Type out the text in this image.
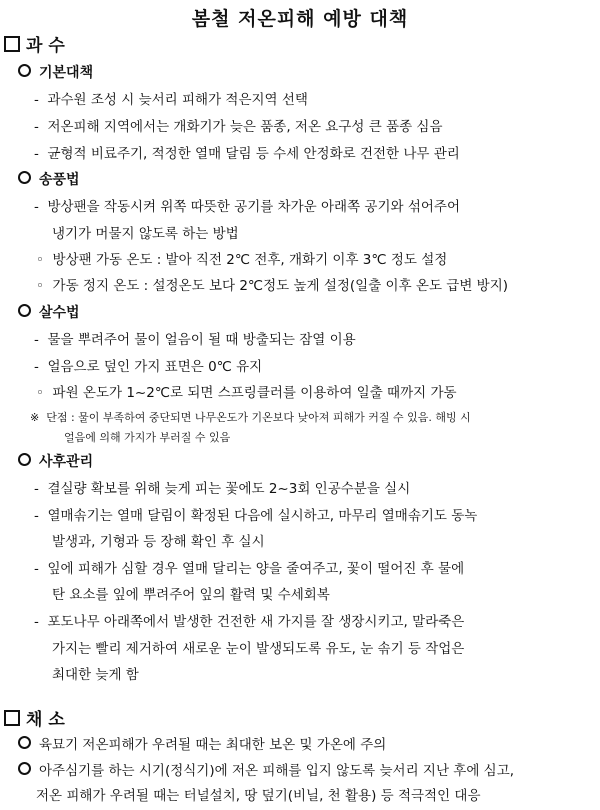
봄철 저온피해 예방 대책
과 수
기본대책
-  과수원 조성 시 늦서리 피해가 적은지역 선택
-  저온피해 지역에서는 개화기가 늦은 품종, 저온 요구성 큰 품종 심음
-  균형적 비료주기, 적정한 열매 달림 등 수세 안정화로 건전한 나무 관리
송풍법
-  방상팬을 작동시켜 위쪽 따뜻한 공기를 차가운 아래쪽 공기와 섞어주어
냉기가 머물지 않도록 하는 방법
◦  방상팬 가동 온도 : 발아 직전 2℃ 전후, 개화기 이후 3℃ 정도 설정
◦  가동 정지 온도 : 설정온도 보다 2℃정도 높게 설정(일출 이후 온도 급변 방지)
살수법
-  물을 뿌려주어 물이 얼음이 될 때 방출되는 잠열 이용
-  얼음으로 덮인 가지 표면은 0℃ 유지
◦  파원 온도가 1~2℃로 되면 스프링클러를 이용하여 일출 때까지 가동
※  단점 : 물이 부족하여 중단되면 나무온도가 기온보다 낮아져 피해가 커질 수 있음. 해빙 시
얼음에 의해 가지가 부러질 수 있음
사후관리
-  결실량 확보를 위해 늦게 피는 꽃에도 2~3회 인공수분을 실시
-  열매솎기는 열매 달림이 확정된 다음에 실시하고, 마무리 열매솎기도 동녹
발생과, 기형과 등 장해 확인 후 실시
-  잎에 피해가 심할 경우 열매 달리는 양을 줄여주고, 꽃이 떨어진 후 물에
탄 요소를 잎에 뿌려주어 잎의 활력 및 수세회복
-  포도나무 아래쪽에서 발생한 건전한 새 가지를 잘 생장시키고, 말라죽은
가지는 빨리 제거하여 새로운 눈이 발생되도록 유도, 눈 솎기 등 작업은
최대한 늦게 함
채 소
육묘기 저온피해가 우려될 때는 최대한 보온 및 가온에 주의
아주심기를 하는 시기(정식기)에 저온 피해를 입지 않도록 늦서리 지난 후에 심고,
저온 피해가 우려될 때는 터널설치, 땅 덮기(비닐, 천 활용) 등 적극적인 대응
